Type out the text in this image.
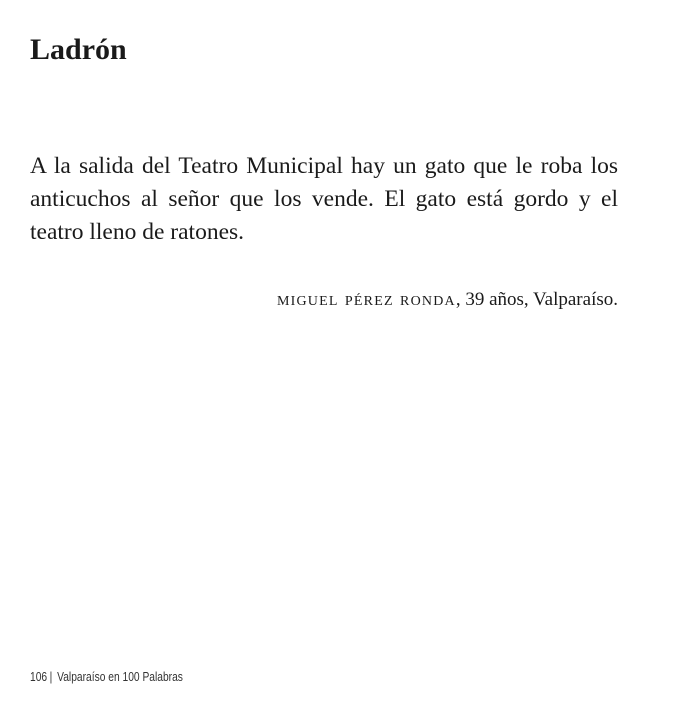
Ladrón

A la salida del Teatro Municipal hay un gato que le roba los anticuchos al señor que los vende. El gato está gordo y el teatro lleno de ratones.

miguel pérez ronda, 39 años, Valparaíso.

106 | Valparaíso en 100 Palabras
